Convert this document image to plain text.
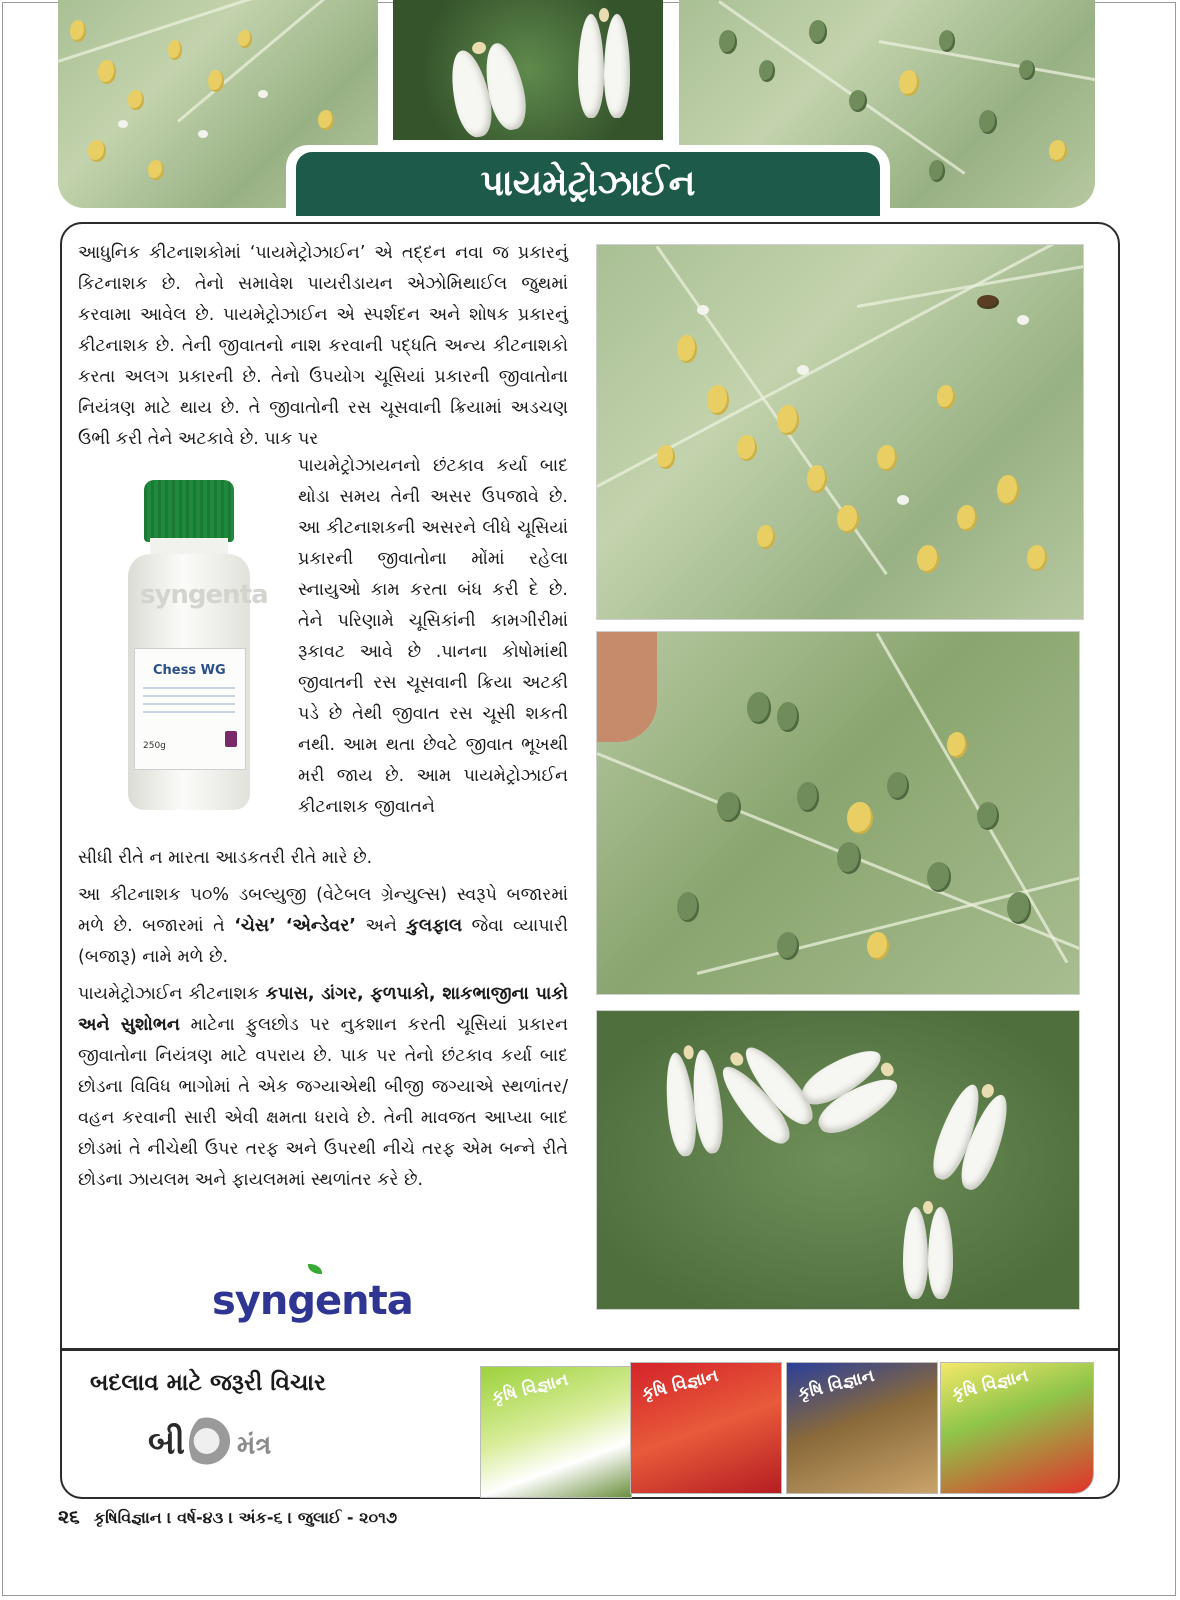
પાયમેટ્રોઝાઈન

આધુનિક કીટનાશકોમાં ‘પાયમેટ્રોઝાઈન’ એ તદ્દન નવા જ પ્રકારનું કિટનાશક છે. તેનો સમાવેશ પાયરીડાયન એઝોમિથાઈલ જુથમાં કરવામા આવેલ છે. પાયમેટ્રોઝાઈન એ સ્પર્શદન અને શોષક પ્રકારનું કીટનાશક છે. તેની જીવાતનો નાશ કરવાની પદ્ધતિ અન્ય કીટનાશકો કરતા અલગ પ્રકારની છે. તેનો ઉપયોગ ચૂસિયાં પ્રકારની જીવાતોના નિયંત્રણ માટે થાય છે. તે જીવાતોની રસ ચૂસવાની ક્રિયામાં અડચણ ઉભી કરી તેને અટકાવે છે. પાક પર

પાયમેટ્રોઝાયનનો છંટકાવ કર્યા બાદ થોડા સમય તેની અસર ઉપજાવે છે. આ કીટનાશકની અસરને લીધે ચૂસિયાં પ્રકારની જીવાતોના મોંમાં રહેલા સ્નાયુઓ કામ કરતા બંધ કરી દે છે. તેને પરિણામે ચૂસિકાંની કામગીરીમાં રૂકાવટ આવે છે .પાનના કોષોમાંથી જીવાતની રસ ચૂસવાની ક્રિયા અટકી પડે છે તેથી જીવાત રસ ચૂસી શકતી નથી. આમ થતા છેવટે જીવાત ભૂખથી મરી જાય છે. આમ પાયમેટ્રોઝાઈન કીટનાશક જીવાતને

સીધી રીતે ન મારતા આડકતરી રીતે મારે છે.

આ કીટનાશક ૫૦% ડબલ્યુજી (વેટેબલ ગ્રેન્યુલ્સ) સ્વરૂપે બજારમાં મળે છે. બજારમાં તે ‘ચેસ’ ‘એન્ડેવર’ અને કુલફાલ જેવા વ્યાપારી (બજારૂ) નામે મળે છે.

પાયમેટ્રોઝાઈન કીટનાશક કપાસ, ડાંગર, ફળપાકો, શાકભાજીના પાકો અને સુશોભન માટેના ફુલછોડ પર નુકશાન કરતી ચૂસિયાં પ્રકારન જીવાતોના નિયંત્રણ માટે વપરાય છે. પાક પર તેનો છંટકાવ કર્યા બાદ છોડના વિવિધ ભાગોમાં તે એક જગ્યાએથી બીજી જગ્યાએ સ્થળાંતર/વહન કરવાની સારી એવી ક્ષમતા ધરાવે છે. તેની માવજત આપ્યા બાદ છોડમાં તે નીચેથી ઉપર તરફ અને ઉપરથી નીચે તરફ એમ બન્ને રીતે છોડના ઝાયલમ અને ફાયલમમાં સ્થળાંતર કરે છે.

syngenta
Chess WG
250g
syngenta
બદલાવ માટે જરૂરી વિચાર
બી મંત્ર
કૃષિ વિજ્ઞાન	કૃષિ વિજ્ઞાન	કૃષિ વિજ્ઞાન	કૃષિ વિજ્ઞાન
૨૬ કૃષિવિજ્ઞાન । વર્ષ-૪૩ । અંક-૬ । જુલાઈ - ૨૦૧૭
